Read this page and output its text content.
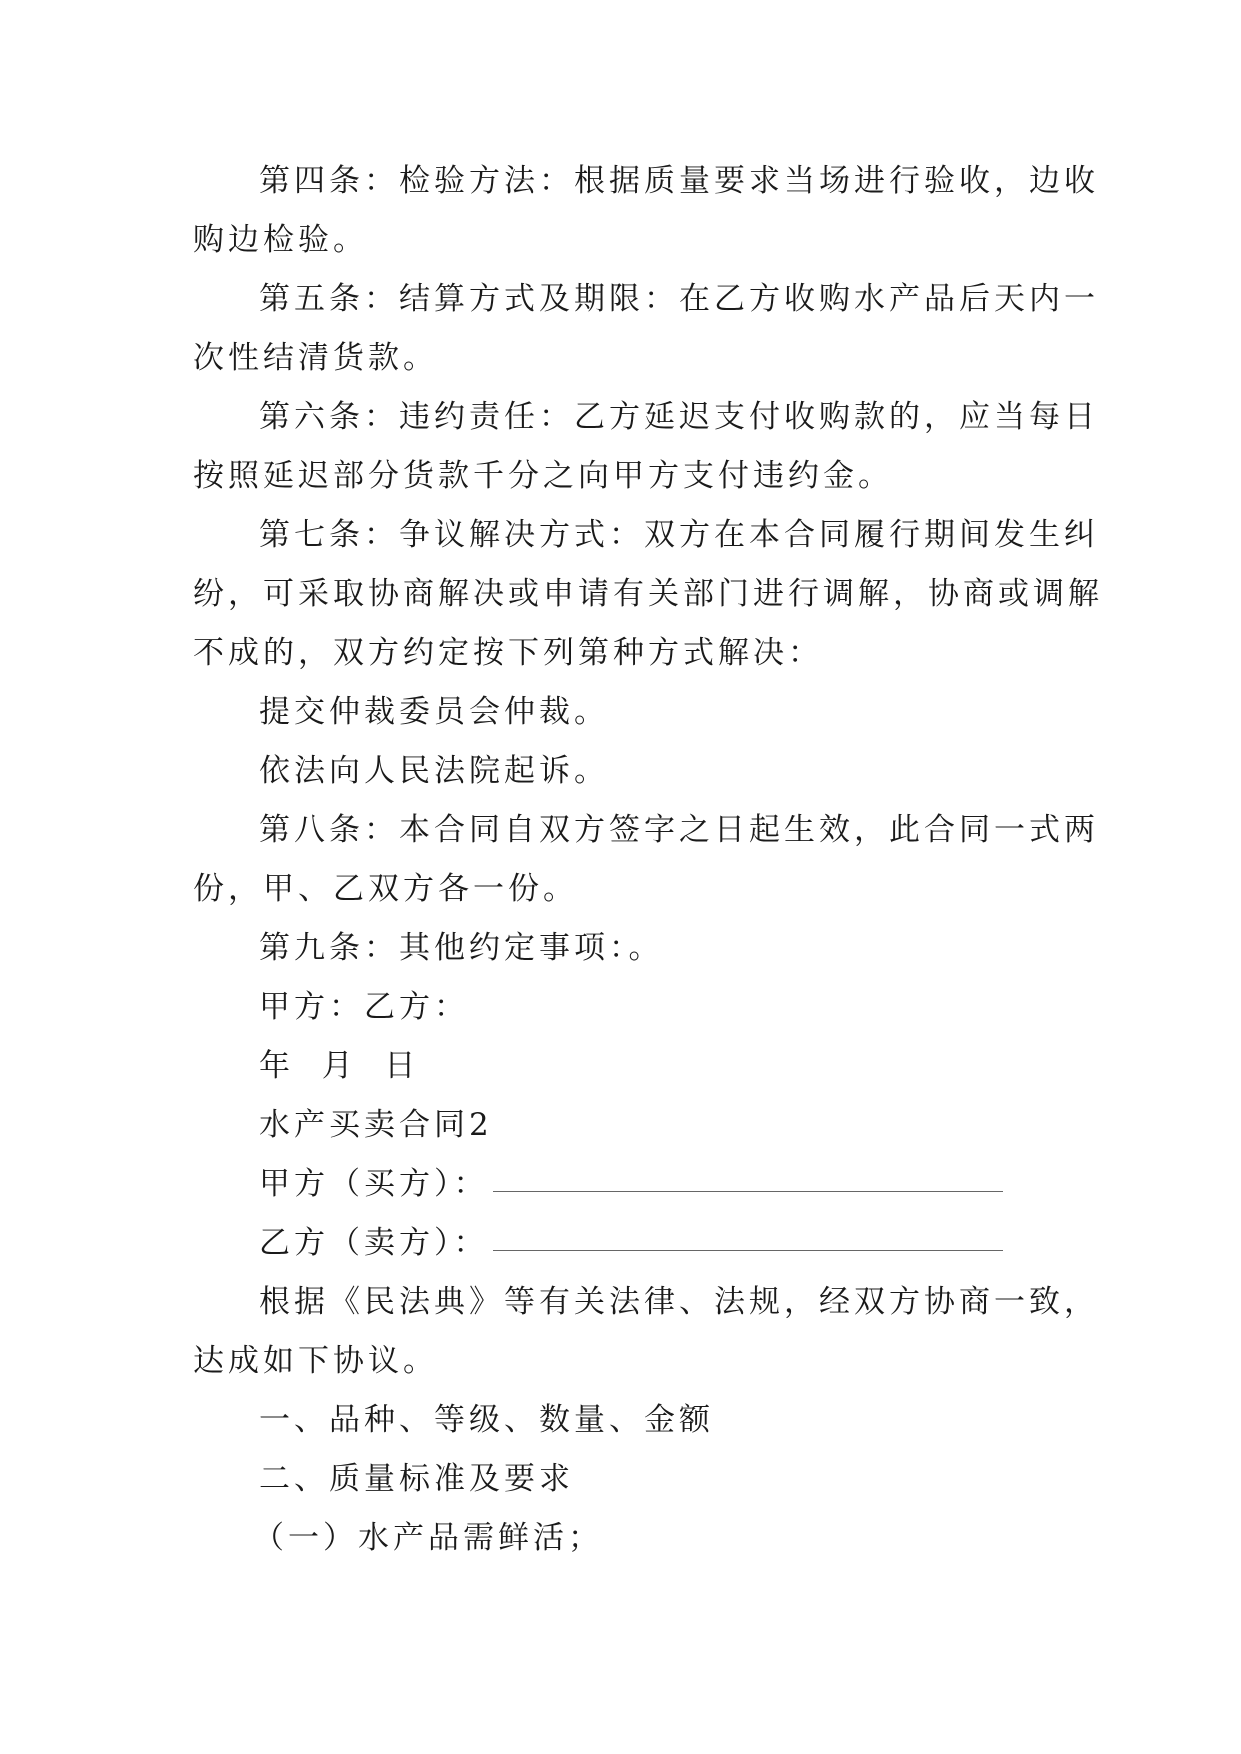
第四条：检验方法：根据质量要求当场进行验收，边收
购边检验。
第五条：结算方式及期限：在乙方收购水产品后天内一
次性结清货款。
第六条：违约责任：乙方延迟支付收购款的，应当每日
按照延迟部分货款千分之向甲方支付违约金。
第七条：争议解决方式：双方在本合同履行期间发生纠
纷，可采取协商解决或申请有关部门进行调解，协商或调解
不成的，双方约定按下列第种方式解决：
提交仲裁委员会仲裁。
依法向人民法院起诉。
第八条：本合同自双方签字之日起生效，此合同一式两
份，甲、乙双方各一份。
第九条：其他约定事项：。
甲方：乙方：
年  月  日
水产买卖合同2
甲方（买方）：
乙方（卖方）：
根据《民法典》等有关法律、法规，经双方协商一致，
达成如下协议。
一、品种、等级、数量、金额
二、质量标准及要求
（一）水产品需鲜活；
